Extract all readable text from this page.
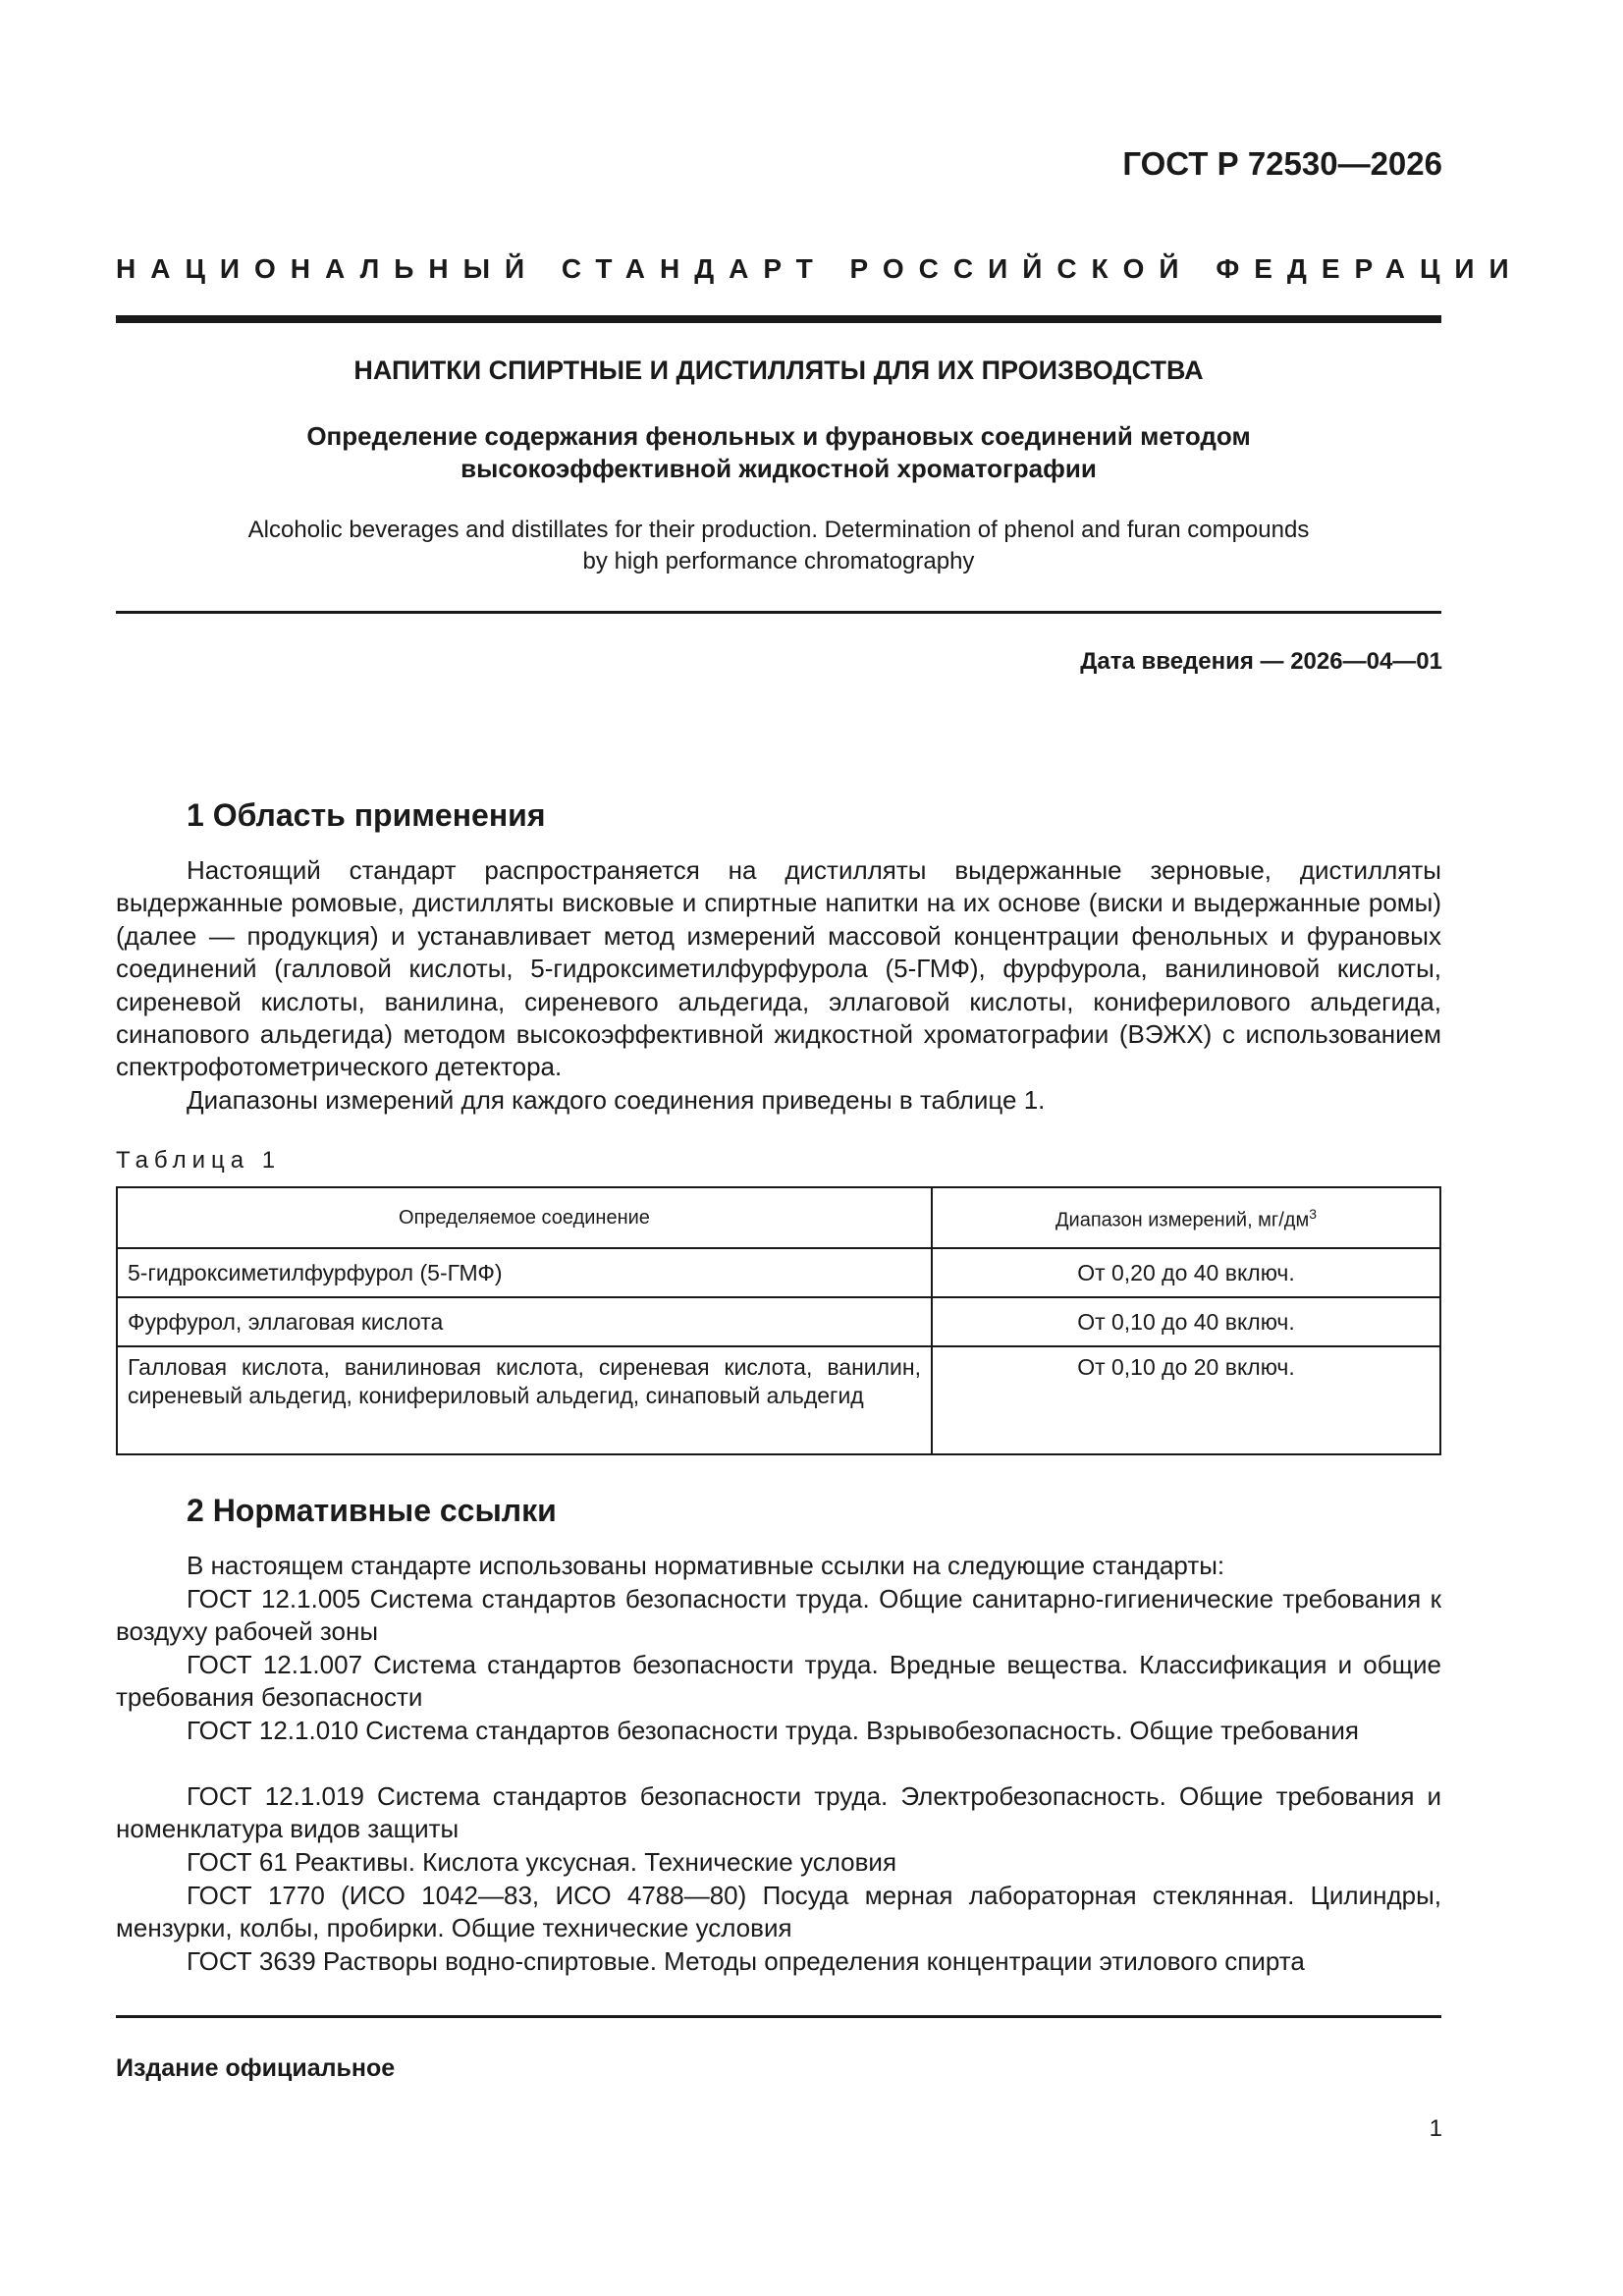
ГОСТ Р 72530—2026
НАЦИОНАЛЬНЫЙ СТАНДАРТ РОССИЙСКОЙ ФЕДЕРАЦИИ
НАПИТКИ СПИРТНЫЕ И ДИСТИЛЛЯТЫ ДЛЯ ИХ ПРОИЗВОДСТВА
Определение содержания фенольных и фурановых соединений методом
высокоэффективной жидкостной хроматографии
Alcoholic beverages and distillates for their production. Determination of phenol and furan compounds
by high performance chromatography
Дата введения — 2026—04—01
1 Область применения
Настоящий стандарт распространяется на дистилляты выдержанные зерновые, дистилляты выдержанные ромовые, дистилляты висковые и спиртные напитки на их основе (виски и выдержанные ромы) (далее — продукция) и устанавливает метод измерений массовой концентрации фенольных и фурановых соединений (галловой кислоты, 5-гидроксиметилфурфурола (5-ГМФ), фурфурола, ванилиновой кислоты, сиреневой кислоты, ванилина, сиреневого альдегида, эллаговой кислоты, кониферилового альдегида, синапового альдегида) методом высокоэффективной жидкостной хроматографии (ВЭЖХ) с использованием спектрофотометрического детектора.
Диапазоны измерений для каждого соединения приведены в таблице 1.
Таблица 1
Определяемое соединение	Диапазон измерений, $мг/дм^3$
5-гидроксиметилфурфурол (5-ГМФ)	От 0,20 до 40 включ.
Фурфурол, эллаговая кислота	От 0,10 до 40 включ.
Галловая кислота, ванилиновая кислота, сиреневая кислота, ванилин, сиреневый альдегид, конифериловый альдегид, синаповый альдегид	От 0,10 до 20 включ.
2 Нормативные ссылки
В настоящем стандарте использованы нормативные ссылки на следующие стандарты:
ГОСТ 12.1.005 Система стандартов безопасности труда. Общие санитарно-гигиенические требования к воздуху рабочей зоны
ГОСТ 12.1.007 Система стандартов безопасности труда. Вредные вещества. Классификация и общие требования безопасности
ГОСТ 12.1.010 Система стандартов безопасности труда. Взрывобезопасность. Общие требования
ГОСТ 12.1.019 Система стандартов безопасности труда. Электробезопасность. Общие требования и номенклатура видов защиты
ГОСТ 61 Реактивы. Кислота уксусная. Технические условия
ГОСТ 1770 (ИСО 1042—83, ИСО 4788—80) Посуда мерная лабораторная стеклянная. Цилиндры, мензурки, колбы, пробирки. Общие технические условия
ГОСТ 3639 Растворы водно-спиртовые. Методы определения концентрации этилового спирта
Издание официальное
1
